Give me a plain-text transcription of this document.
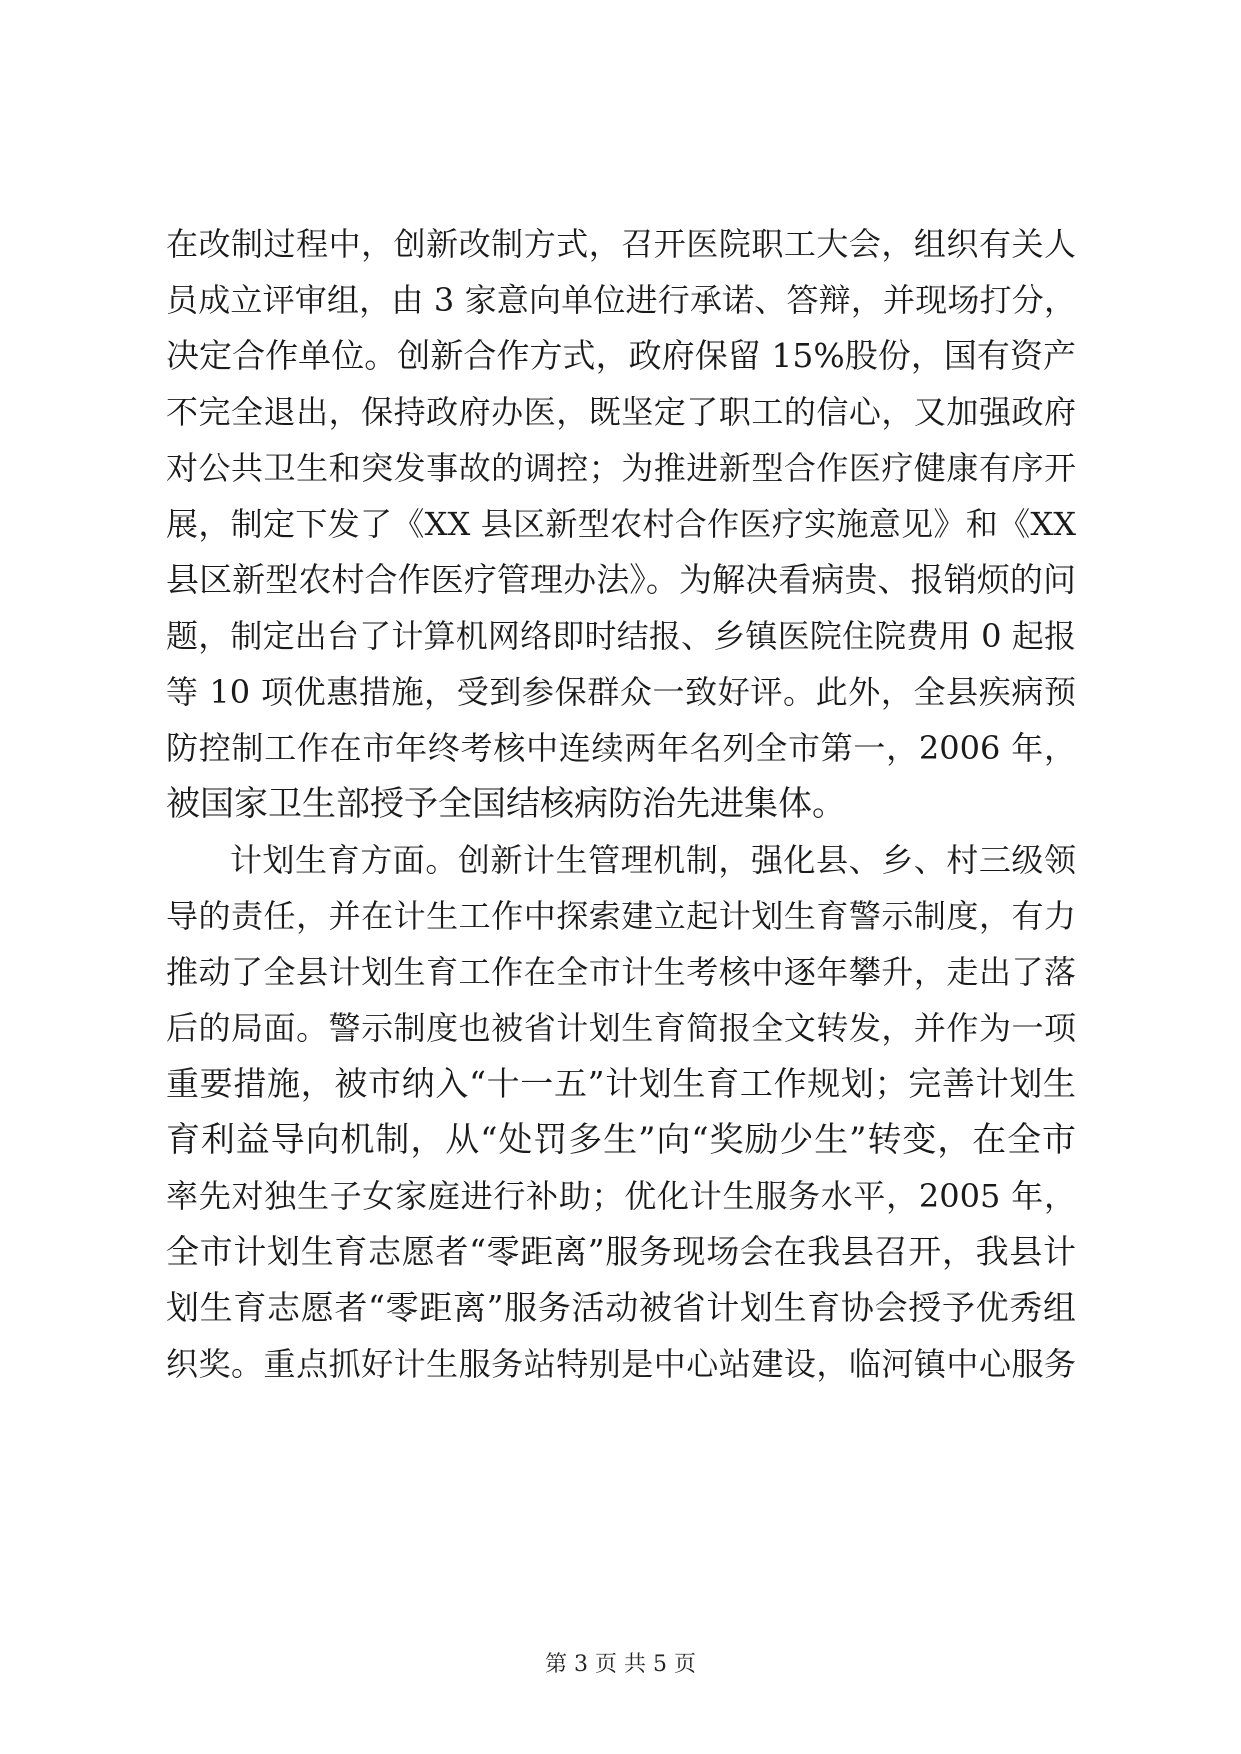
在改制过程中，创新改制方式，召开医院职工大会，组织有关人
员成立评审组，由 3 家意向单位进行承诺、答辩，并现场打分，
决定合作单位。创新合作方式，政府保留 15%股份，国有资产
不完全退出，保持政府办医，既坚定了职工的信心，又加强政府
对公共卫生和突发事故的调控；为推进新型合作医疗健康有序开
展，制定下发了《XX 县区新型农村合作医疗实施意见》和《XX
县区新型农村合作医疗管理办法》。为解决看病贵、报销烦的问
题，制定出台了计算机网络即时结报、乡镇医院住院费用 0 起报
等 10 项优惠措施，受到参保群众一致好评。此外，全县疾病预
防控制工作在市年终考核中连续两年名列全市第一，2006 年，
被国家卫生部授予全国结核病防治先进集体。
计划生育方面。创新计生管理机制，强化县、乡、村三级领
导的责任，并在计生工作中探索建立起计划生育警示制度，有力
推动了全县计划生育工作在全市计生考核中逐年攀升，走出了落
后的局面。警示制度也被省计划生育简报全文转发，并作为一项
重要措施，被市纳入“十一五”计划生育工作规划；完善计划生
育利益导向机制，从“处罚多生”向“奖励少生”转变，在全市
率先对独生子女家庭进行补助；优化计生服务水平，2005 年，
全市计划生育志愿者“零距离”服务现场会在我县召开，我县计
划生育志愿者“零距离”服务活动被省计划生育协会授予优秀组
织奖。重点抓好计生服务站特别是中心站建设，临河镇中心服务
第 3 页 共 5 页
